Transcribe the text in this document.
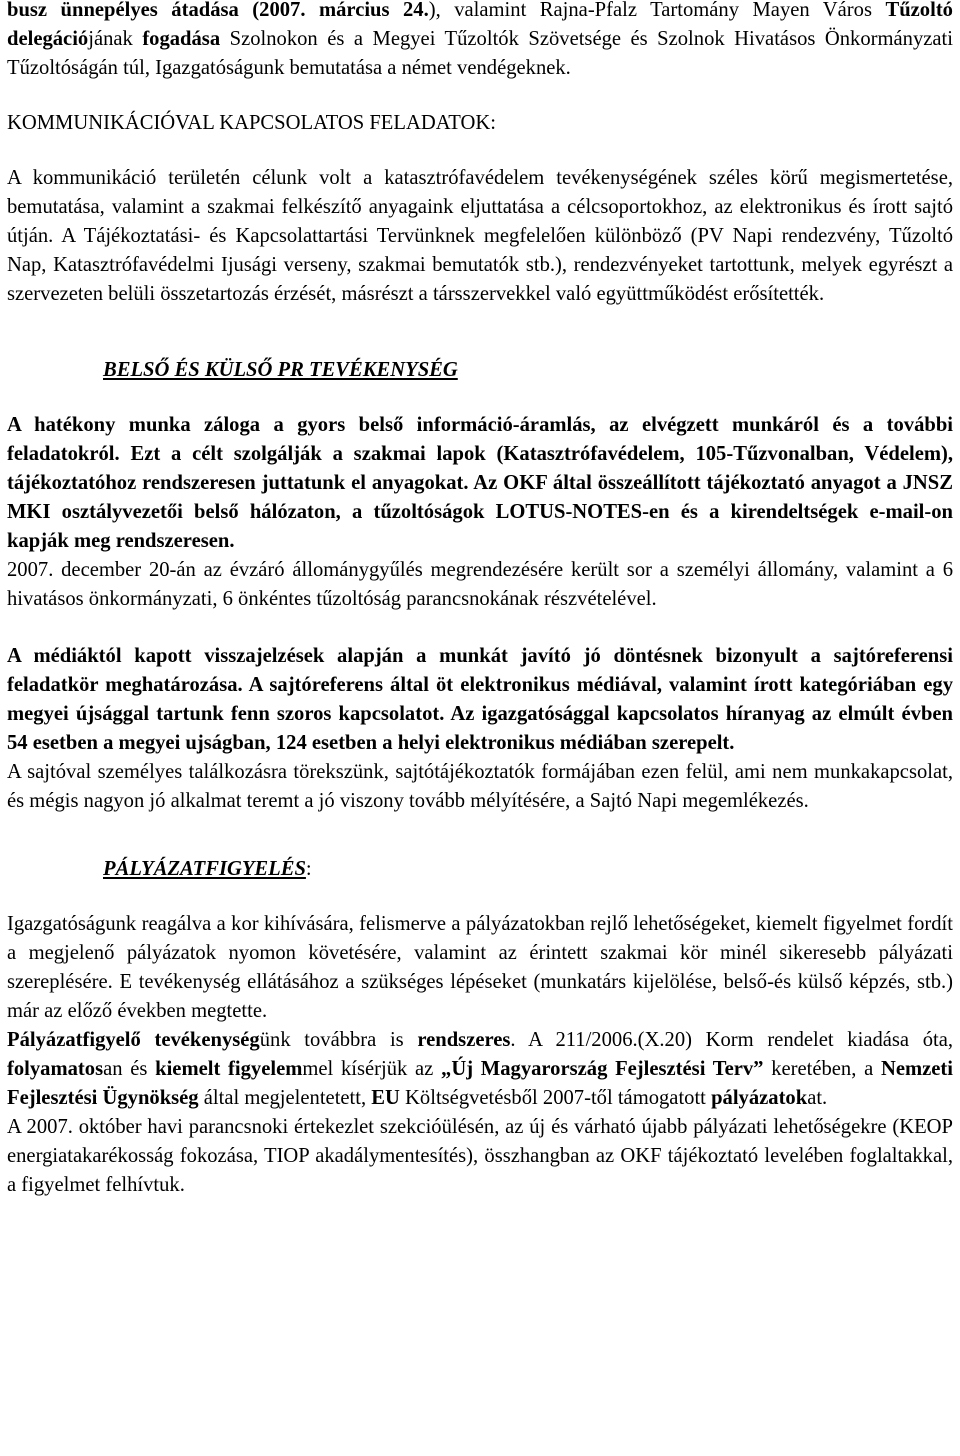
busz ünnepélyes átadása (2007. március 24.), valamint Rajna-Pfalz Tartomány Mayen Város Tűzoltó delegációjának fogadása Szolnokon és a Megyei Tűzoltók Szövetsége és Szolnok Hivatásos Önkormányzati Tűzoltóságán túl, Igazgatóságunk bemutatása a német vendégeknek.

KOMMUNIKÁCIÓVAL KAPCSOLATOS FELADATOK:

A kommunikáció területén célunk volt a katasztrófavédelem tevékenységének széles körű megismertetése, bemutatása, valamint a szakmai felkészítő anyagaink eljuttatása a célcsoportokhoz, az elektronikus és írott sajtó útján. A Tájékoztatási- és Kapcsolattartási Tervünknek megfelelően különböző (PV Napi rendezvény, Tűzoltó Nap, Katasztrófavédelmi Ijusági verseny, szakmai bemutatók stb.), rendezvényeket tartottunk, melyek egyrészt a szervezeten belüli összetartozás érzését, másrészt a társszervekkel való együttműködést erősítették.

BELSŐ ÉS KÜLSŐ PR TEVÉKENYSÉG

A hatékony munka záloga a gyors belső információ-áramlás, az elvégzett munkáról és a további feladatokról. Ezt a célt szolgálják a szakmai lapok (Katasztrófavédelem, 105-Tűzvonalban, Védelem), tájékoztatóhoz rendszeresen juttatunk el anyagokat. Az OKF által összeállított tájékoztató anyagot a JNSZ MKI osztályvezetői belső hálózaton, a tűzoltóságok LOTUS-NOTES-en és a kirendeltségek e-mail-on kapják meg rendszeresen.

2007. december 20-án az évzáró állománygyűlés megrendezésére került sor a személyi állomány, valamint a 6 hivatásos önkormányzati, 6 önkéntes tűzoltóság parancsnokának részvételével.

A médiáktól kapott visszajelzések alapján a munkát javító jó döntésnek bizonyult a sajtóreferensi feladatkör meghatározása. A sajtóreferens által öt elektronikus médiával, valamint írott kategóriában egy megyei újsággal tartunk fenn szoros kapcsolatot. Az igazgatósággal kapcsolatos híranyag az elmúlt évben 54 esetben a megyei ujságban, 124 esetben a helyi elektronikus médiában szerepelt.

A sajtóval személyes találkozásra törekszünk, sajtótájékoztatók formájában ezen felül, ami nem munkakapcsolat, és mégis nagyon jó alkalmat teremt a jó viszony tovább mélyítésére, a Sajtó Napi megemlékezés.

PÁLYÁZATFIGYELÉS:

Igazgatóságunk reagálva a kor kihívására, felismerve a pályázatokban rejlő lehetőségeket, kiemelt figyelmet fordít a megjelenő pályázatok nyomon követésére, valamint az érintett szakmai kör minél sikeresebb pályázati szereplésére. E tevékenység ellátásához a szükséges lépéseket (munkatárs kijelölése, belső-és külső képzés, stb.) már az előző években megtette.

Pályázatfigyelő tevékenységünk továbbra is rendszeres. A 211/2006.(X.20) Korm rendelet kiadása óta, folyamatosan és kiemelt figyelemmel kísérjük az „Új Magyarország Fejlesztési Terv” keretében, a Nemzeti Fejlesztési Ügynökség által megjelentetett, EU Költségvetésből 2007-től támogatott pályázatokat.

A 2007. október havi parancsnoki értekezlet szekcióülésén, az új és várható újabb pályázati lehetőségekre (KEOP energiatakarékosság fokozása, TIOP akadálymentesítés), összhangban az OKF tájékoztató levelében foglaltakkal, a figyelmet felhívtuk.
